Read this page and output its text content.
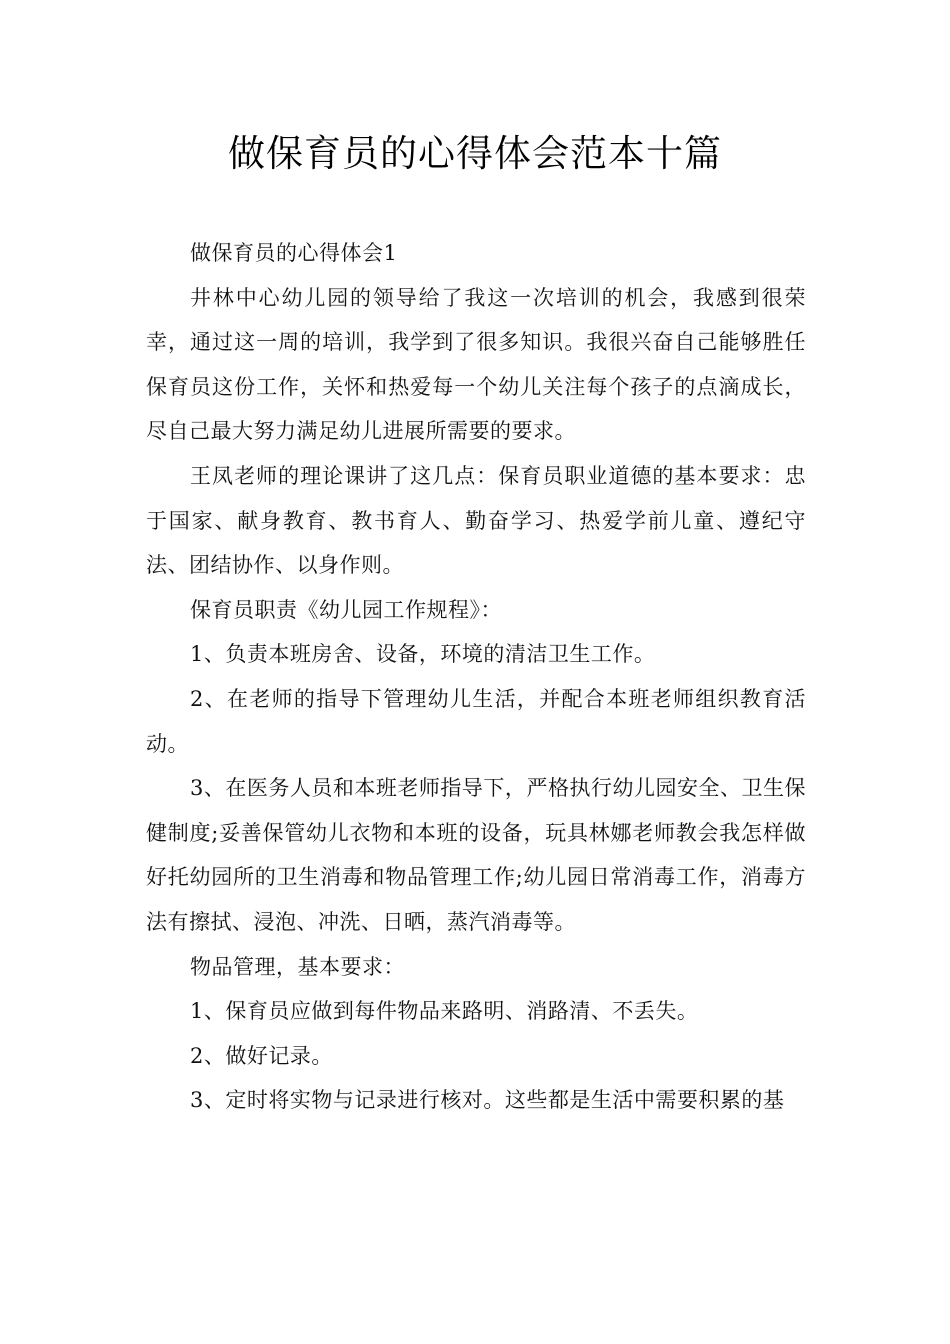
做保育员的心得体会范本十篇

做保育员的心得体会1

井林中心幼儿园的领导给了我这一次培训的机会，我感到很荣幸，通过这一周的培训，我学到了很多知识。我很兴奋自己能够胜任保育员这份工作，关怀和热爱每一个幼儿关注每个孩子的点滴成长，尽自己最大努力满足幼儿进展所需要的要求。

王凤老师的理论课讲了这几点：保育员职业道德的基本要求：忠于国家、献身教育、教书育人、勤奋学习、热爱学前儿童、遵纪守法、团结协作、以身作则。

保育员职责《幼儿园工作规程》：

1、负责本班房舍、设备，环境的清洁卫生工作。

2、在老师的指导下管理幼儿生活，并配合本班老师组织教育活动。

3、在医务人员和本班老师指导下，严格执行幼儿园安全、卫生保健制度;妥善保管幼儿衣物和本班的设备，玩具林娜老师教会我怎样做好托幼园所的卫生消毒和物品管理工作;幼儿园日常消毒工作，消毒方法有擦拭、浸泡、冲洗、日晒，蒸汽消毒等。

物品管理，基本要求：

1、保育员应做到每件物品来路明、消路清、不丢失。

2、做好记录。

3、定时将实物与记录进行核对。这些都是生活中需要积累的基
